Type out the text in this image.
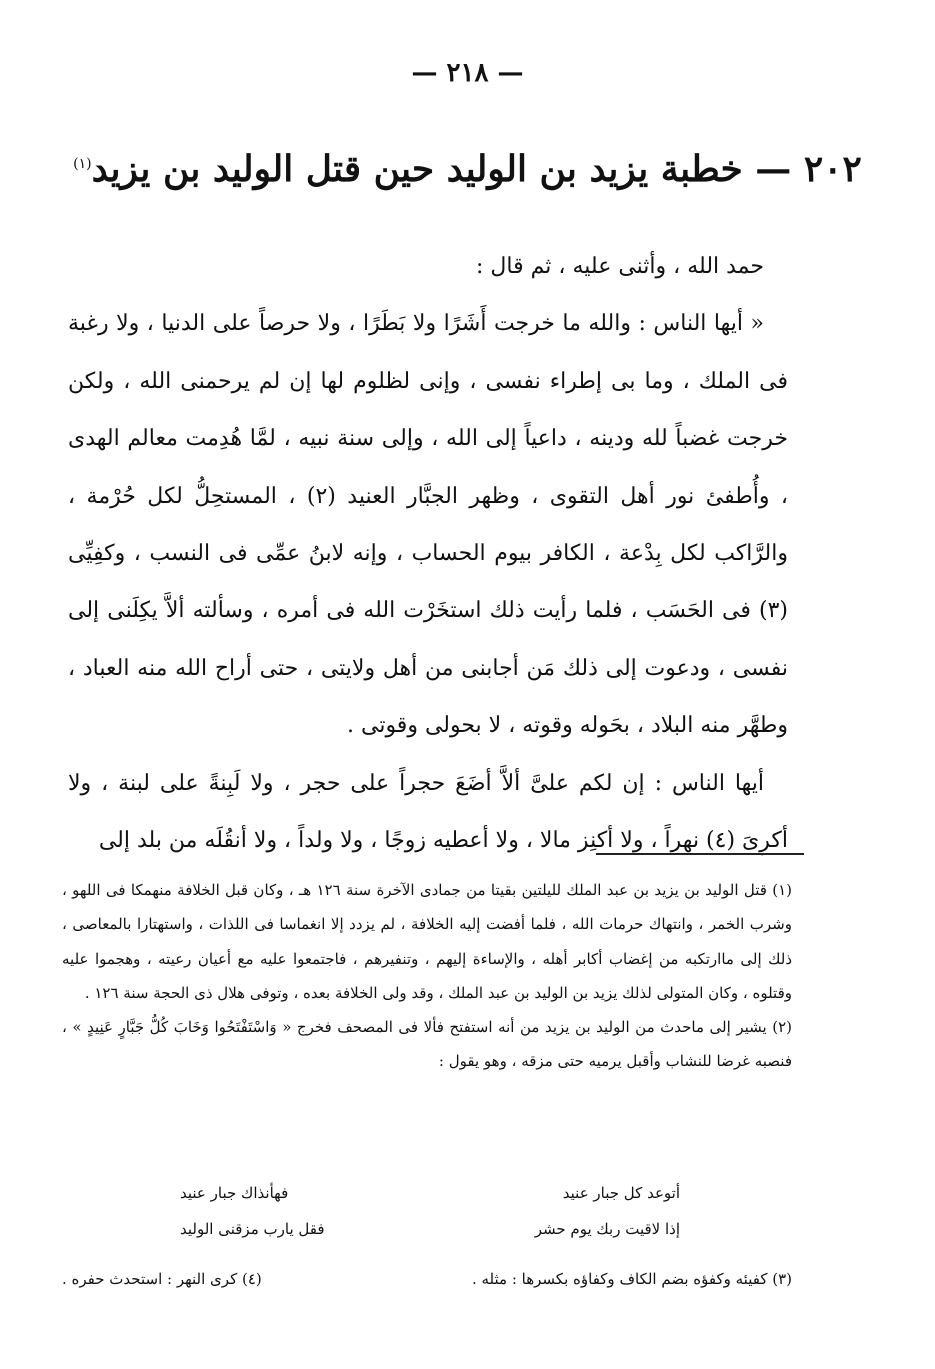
— ٢١٨ —
٢٠٢ — خطبة يزيد بن الوليد حين قتل الوليد بن يزيد$^{(١)}$

حمد الله ، وأثنى عليه ، ثم قال :

« أيها الناس : والله ما خرجت أَشَرًا ولا بَطَرًا ، ولا حرصاً على الدنيا ، ولا رغبة فى الملك ، وما بى إطراء نفسى ، وإنى لظلوم لها إن لم يرحمنى الله ، ولكن خرجت غضباً لله ودينه ، داعياً إلى الله ، وإلى سنة نبيه ، لمَّا هُدِمت معالم الهدى ، وأُطفئ نور أهل التقوى ، وظهر الجبَّار العنيد (٢) ، المستحِلُّ لكل حُرْمة ، والرَّاكب لكل بِدْعة ، الكافر بيوم الحساب ، وإنه لابنُ عمِّى فى النسب ، وكفِيِّى (٣) فى الحَسَب ، فلما رأيت ذلك استخَرْت الله فى أمره ، وسألته ألاَّ يكِلَنى إلى نفسى ، ودعوت إلى ذلك مَن أجابنى من أهل ولايتى ، حتى أراح الله منه العباد ، وطهَّر منه البلاد ، بحَوله وقوته ، لا بحولى وقوتى .

أيها الناس : إن لكم علىَّ ألاَّ أضَعَ حجراً على حجر ، ولا لَبِنةً على لبنة ، ولا أكرِىَ (٤) نهراً ، ولا أكنِز مالا ، ولا أعطيه زوجًا ، ولا ولداً ، ولا أنقُلَه من بلد إلى

(١) قتل الوليد بن يزيد بن عبد الملك لليلتين بقيتا من جمادى الآخرة سنة ١٢٦ هـ ، وكان قبل الخلافة منهمكا فى اللهو ، وشرب الخمر ، وانتهاك حرمات الله ، فلما أفضت إليه الخلافة ، لم يزدد إلا انغماسا فى اللذات ، واستهتارا بالمعاصى ، ذلك إلى ماارتكبه من إغضاب أكابر أهله ، والإساءة إليهم ، وتنفيرهم ، فاجتمعوا عليه مع أعيان رعيته ، وهجموا عليه وقتلوه ، وكان المتولى لذلك يزيد بن الوليد بن عبد الملك ، وقد ولى الخلافة بعده ، وتوفى هلال ذى الحجة سنة ١٢٦ .

(٢) يشير إلى ماحدث من الوليد بن يزيد من أنه استفتح فألا فى المصحف فخرج « وَاسْتَفْتَحُوا وَخَابَ كُلُّ جَبَّارٍ عَنِيدٍ » ، فنصبه غرضا للنشاب وأقبل يرميه حتى مزقه ، وهو يقول :

أتوعد كل جبار عنيد
فهأنذاك جبار عنيد
إذا لاقيت ربك يوم حشر
فقل يارب مزقنى الوليد
(٣) كفيئه وكفؤه بضم الكاف وكفاؤه بكسرها : مثله .
(٤) كرى النهر : استحدث حفره .
